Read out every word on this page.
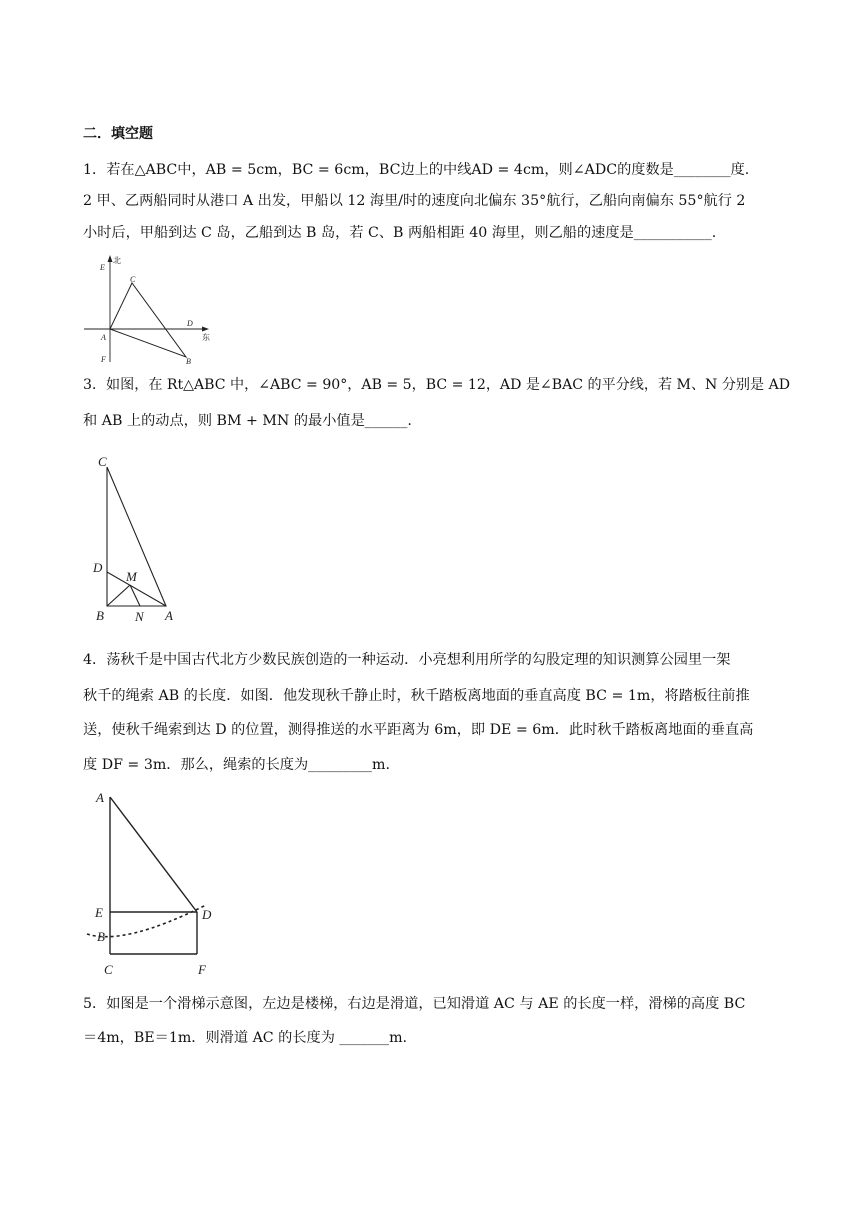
二．填空题
1．若在△ABC中，AB = 5cm，BC = 6cm，BC边上的中线AD = 4cm，则∠ADC的度数是________度.
2 甲、乙两船同时从港口 A 出发，甲船以 12 海里/时的速度向北偏东 35°航行，乙船向南偏东 55°航行 2
小时后，甲船到达 C 岛，乙船到达 B 岛，若 C、B 两船相距 40 海里，则乙船的速度是___________.
E
北
C
D
东
A
F	B
3．如图，在 Rt△ABC 中，∠ABC = 90°，AB = 5，BC = 12，AD 是∠BAC 的平分线，若 M、N 分别是 AD
和 AB 上的动点，则 BM + MN 的最小值是______.
C
D
M
B N A
4．荡秋千是中国古代北方少数民族创造的一种运动．小亮想利用所学的勾股定理的知识测算公园里一架
秋千的绳索 AB 的长度．如图．他发现秋千静止时，秋千踏板离地面的垂直高度 BC = 1m，将踏板往前推
送，使秋千绳索到达 D 的位置，测得推送的水平距离为 6m，即 DE = 6m．此时秋千踏板离地面的垂直高
度 DF = 3m．那么，绳索的长度为_________m.
A
E	D
B
C	F
5．如图是一个滑梯示意图，左边是楼梯，右边是滑道，已知滑道 AC 与 AE 的长度一样，滑梯的高度 BC
＝4m，BE＝1m．则滑道 AC 的长度为 _______m.
